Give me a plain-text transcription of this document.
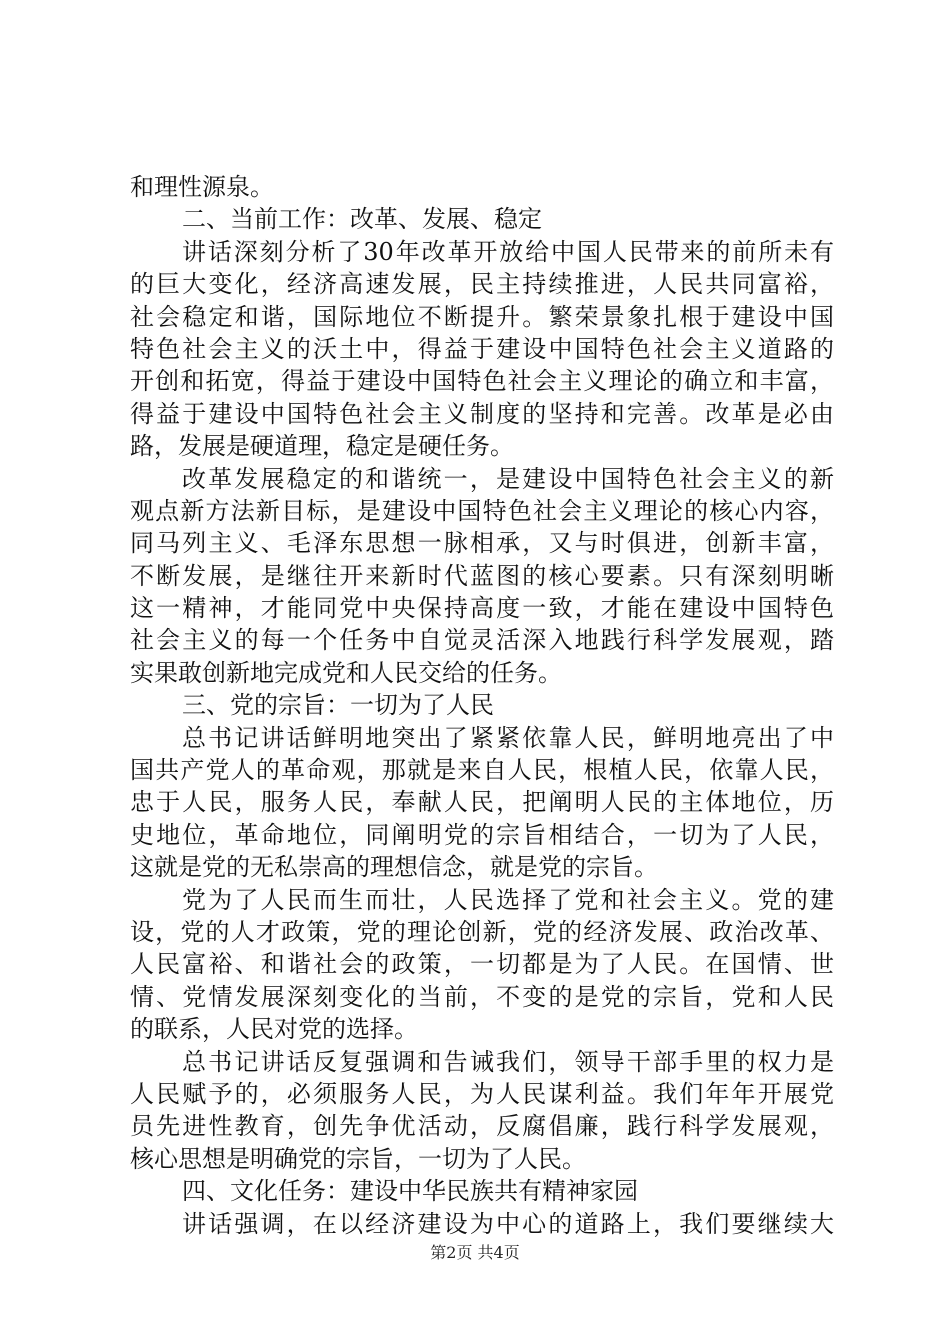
和理性源泉。
二、当前工作：改革、发展、稳定
讲话深刻分析了30年改革开放给中国人民带来的前所未有
的巨大变化，经济高速发展，民主持续推进，人民共同富裕，
社会稳定和谐，国际地位不断提升。繁荣景象扎根于建设中国
特色社会主义的沃土中，得益于建设中国特色社会主义道路的
开创和拓宽，得益于建设中国特色社会主义理论的确立和丰富，
得益于建设中国特色社会主义制度的坚持和完善。改革是必由
路，发展是硬道理，稳定是硬任务。
改革发展稳定的和谐统一，是建设中国特色社会主义的新
观点新方法新目标，是建设中国特色社会主义理论的核心内容，
同马列主义、毛泽东思想一脉相承，又与时俱进，创新丰富，
不断发展，是继往开来新时代蓝图的核心要素。只有深刻明晰
这一精神，才能同党中央保持高度一致，才能在建设中国特色
社会主义的每一个任务中自觉灵活深入地践行科学发展观，踏
实果敢创新地完成党和人民交给的任务。
三、党的宗旨：一切为了人民
总书记讲话鲜明地突出了紧紧依靠人民，鲜明地亮出了中
国共产党人的革命观，那就是来自人民，根植人民，依靠人民，
忠于人民，服务人民，奉献人民，把阐明人民的主体地位，历
史地位，革命地位，同阐明党的宗旨相结合，一切为了人民，
这就是党的无私崇高的理想信念，就是党的宗旨。
党为了人民而生而壮，人民选择了党和社会主义。党的建
设，党的人才政策，党的理论创新，党的经济发展、政治改革、
人民富裕、和谐社会的政策，一切都是为了人民。在国情、世
情、党情发展深刻变化的当前，不变的是党的宗旨，党和人民
的联系，人民对党的选择。
总书记讲话反复强调和告诫我们，领导干部手里的权力是
人民赋予的，必须服务人民，为人民谋利益。我们年年开展党
员先进性教育，创先争优活动，反腐倡廉，践行科学发展观，
核心思想是明确党的宗旨，一切为了人民。
四、文化任务：建设中华民族共有精神家园
讲话强调，在以经济建设为中心的道路上，我们要继续大
第2页 共4页
